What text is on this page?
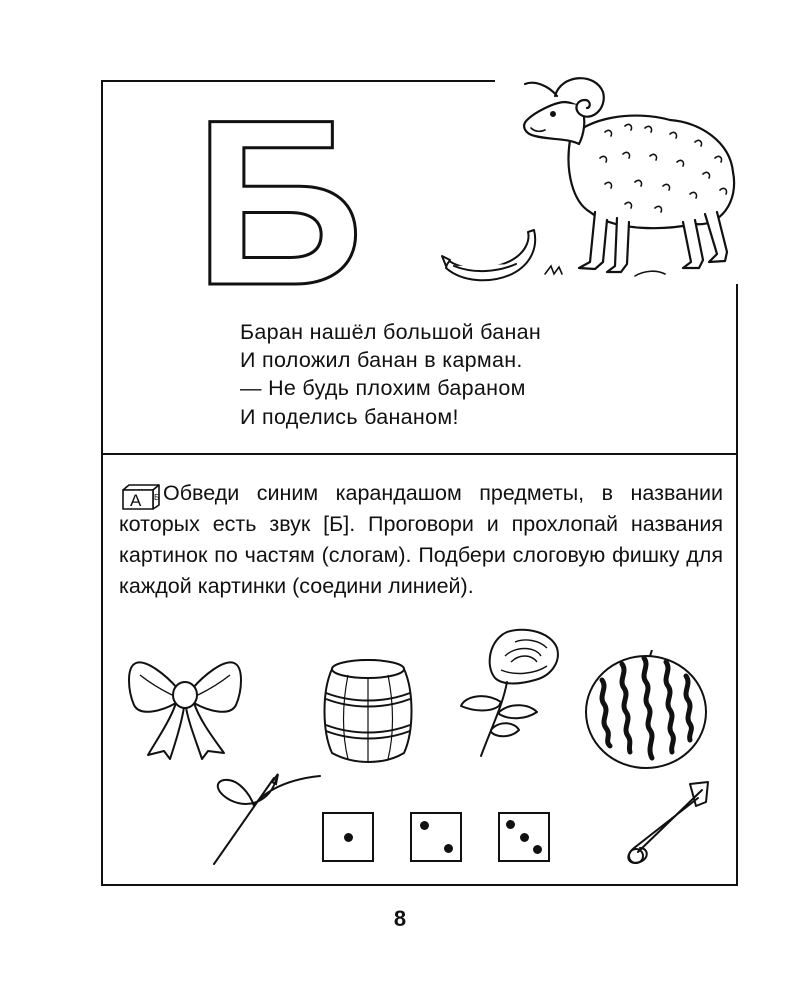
Б
Баран нашёл большой банан
И положил банан в карман.
— Не будь плохим бараном
И поделись бананом!
А Б Обведи синим карандашом предметы, в названии которых есть звук [Б]. Проговори и прохлопай названия картинок по частям (слогам). Подбери слоговую фишку для каждой картинки (соедини линией).

8
